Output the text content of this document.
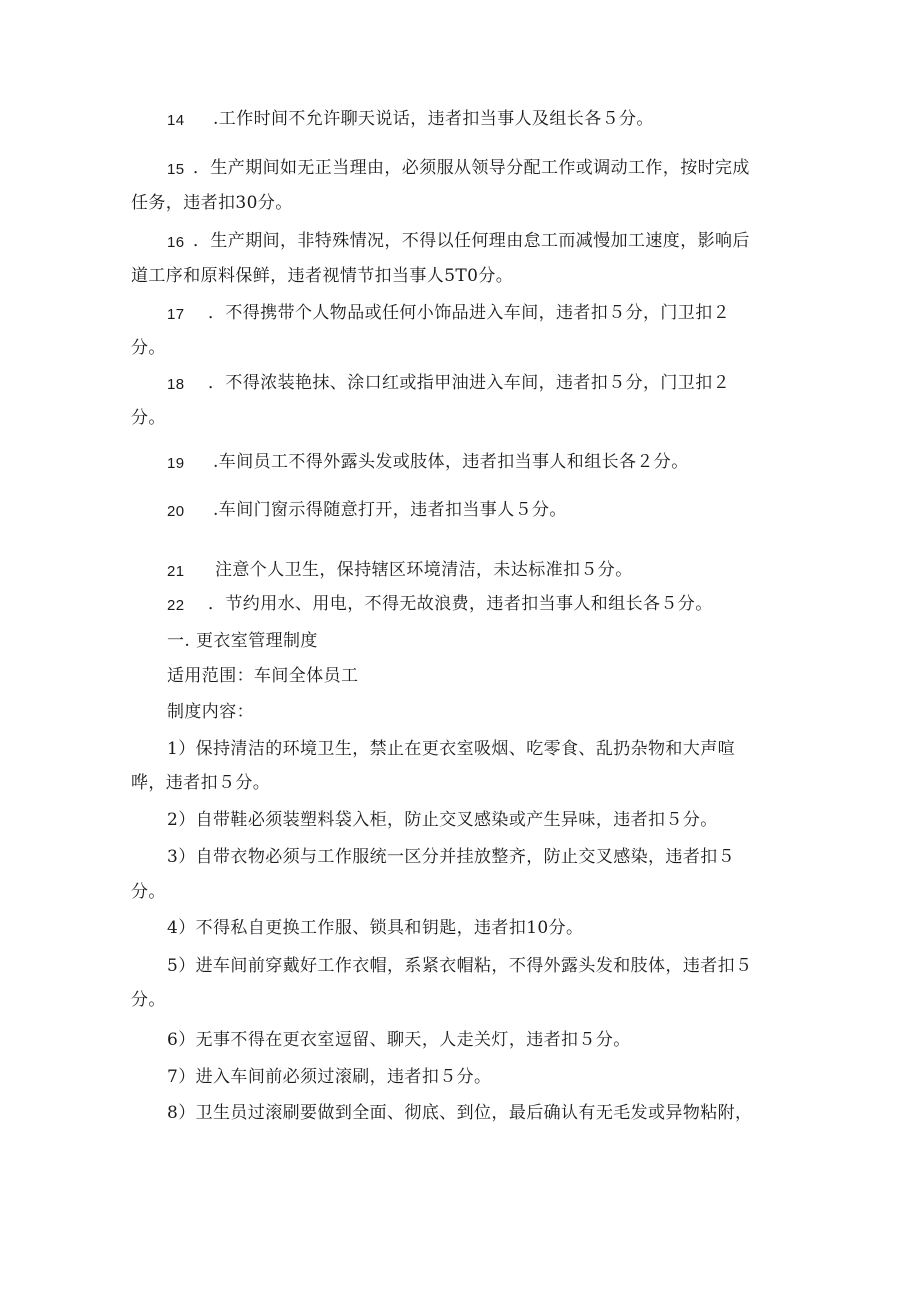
14 .工作时间不允许聊天说话，违者扣当事人及组长各５分。
15 ．生产期间如无正当理由，必须服从领导分配工作或调动工作，按时完成
任务，违者扣30分。
16 ．生产期间，非特殊情况，不得以任何理由怠工而减慢加工速度，影响后
道工序和原料保鲜，违者视情节扣当事人5T0分。
17 ．不得携带个人物品或任何小饰品进入车间，违者扣５分，门卫扣２
分。
18 ．不得浓装艳抹、涂口红或指甲油进入车间，违者扣５分，门卫扣２
分。
19 .车间员工不得外露头发或肢体，违者扣当事人和组长各２分。
20 .车间门窗示得随意打开，违者扣当事人５分。
21 注意个人卫生，保持辖区环境清洁，未达标准扣５分。
22 ．节约用水、用电，不得无故浪费，违者扣当事人和组长各５分。
一. 更衣室管理制度
适用范围：车间全体员工
制度内容：
1）保持清洁的环境卫生，禁止在更衣室吸烟、吃零食、乱扔杂物和大声喧
哗，违者扣５分。
2）自带鞋必须装塑料袋入柜，防止交叉感染或产生异味，违者扣５分。
3）自带衣物必须与工作服统一区分并挂放整齐，防止交叉感染，违者扣５
分。
4）不得私自更换工作服、锁具和钥匙，违者扣10分。
5）进车间前穿戴好工作衣帽，系紧衣帽粘，不得外露头发和肢体，违者扣５
分。
6）无事不得在更衣室逗留、聊天，人走关灯，违者扣５分。
7）进入车间前必须过滚刷，违者扣５分。
8）卫生员过滚刷要做到全面、彻底、到位，最后确认有无毛发或异物粘附，
